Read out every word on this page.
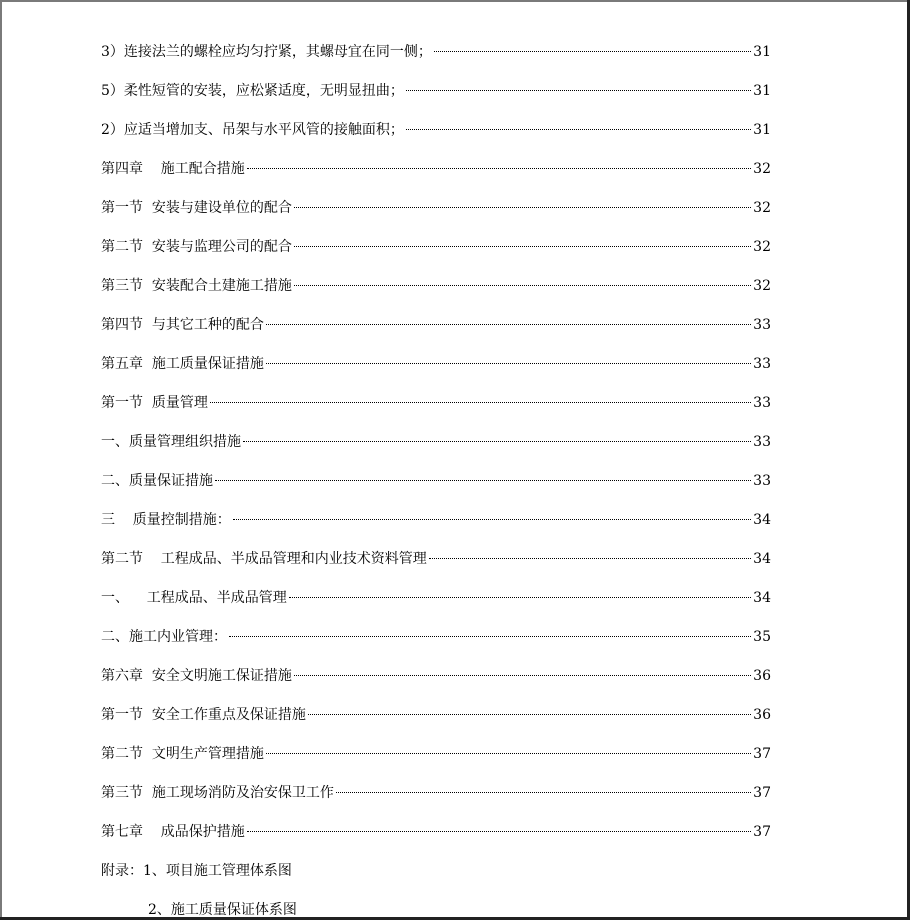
3）连接法兰的螺栓应均匀拧紧，其螺母宜在同一侧；	31
5）柔性短管的安装，应松紧适度，无明显扭曲；	31
2）应适当增加支、吊架与水平风管的接触面积；	31
第四章    施工配合措施	32
第一节  安装与建设单位的配合	32
第二节  安装与监理公司的配合	32
第三节  安装配合土建施工措施	32
第四节  与其它工种的配合	33
第五章  施工质量保证措施	33
第一节  质量管理	33
一、质量管理组织措施	33
二、质量保证措施	33
三    质量控制措施：	34
第二节    工程成品、半成品管理和内业技术资料管理	34
一、    工程成品、半成品管理	34
二、施工内业管理：	35
第六章  安全文明施工保证措施	36
第一节  安全工作重点及保证措施	36
第二节  文明生产管理措施	37
第三节  施工现场消防及治安保卫工作	37
第七章    成品保护措施	37
附录：1、项目施工管理体系图
2、施工质量保证体系图
